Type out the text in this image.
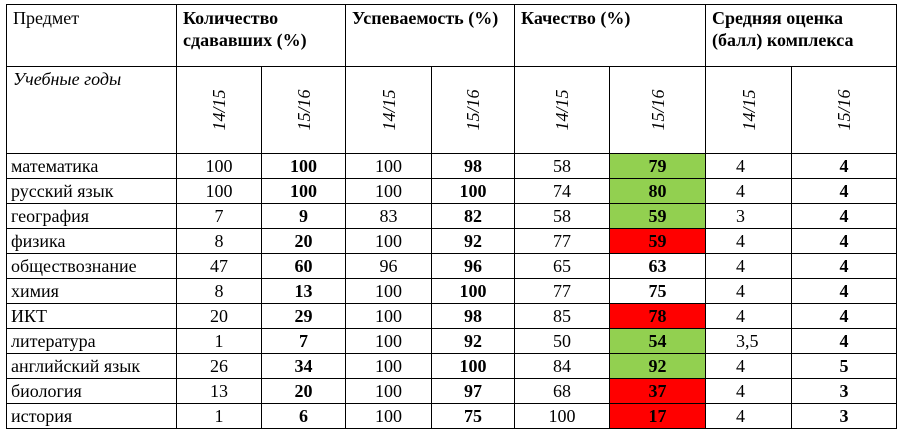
Предмет	Количество сдававших (%)		Успеваемость (%)		Качество (%)		Средняя оценка (балл) комплекса	
Учебные годы	14/15	15/16	14/15	15/16	14/15	15/16	14/15	15/16

математика	100	100	100	98	58	79	4	4
русский язык	100	100	100	100	74	80	4	4
география	7	9	83	82	58	59	3	4
физика	8	20	100	92	77	59	4	4
обществознание	47	60	96	96	65	63	4	4
химия	8	13	100	100	77	75	4	4
ИКТ	20	29	100	98	85	78	4	4
литература	1	7	100	92	50	54	3,5	4
английский язык	26	34	100	100	84	92	4	5
биология	13	20	100	97	68	37	4	3
история	1	6	100	75	100	17	4	3
